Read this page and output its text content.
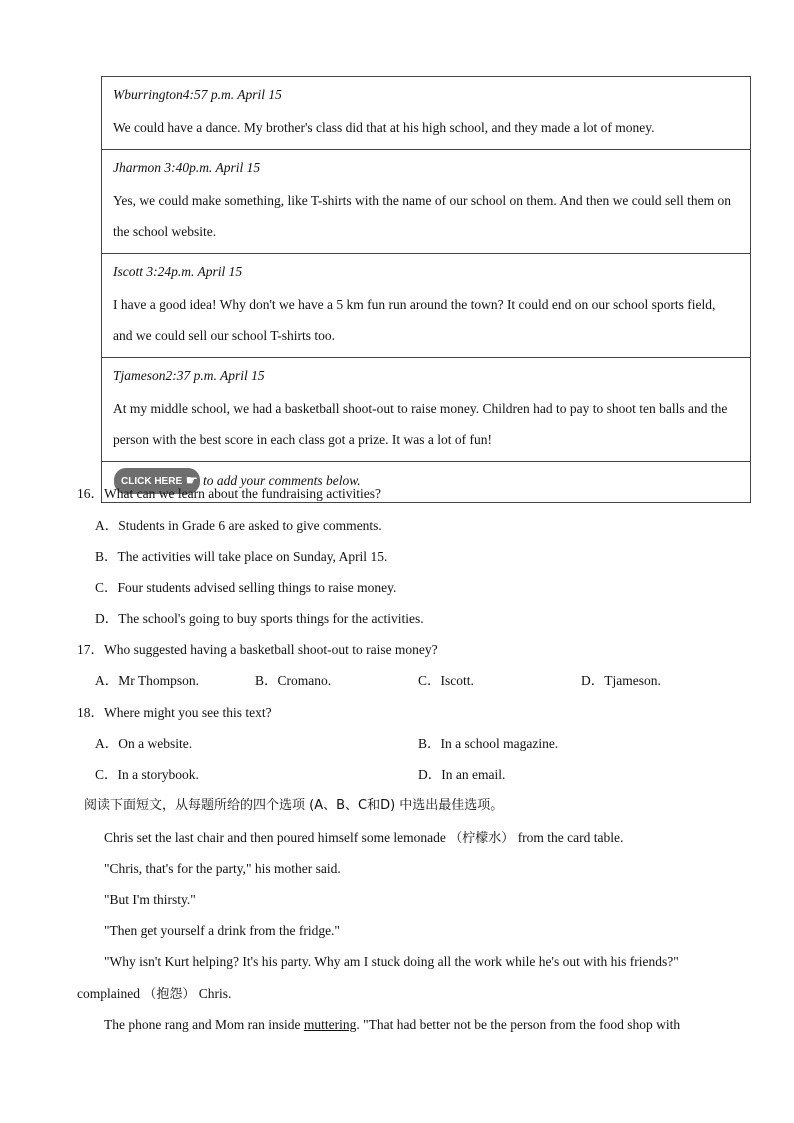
Wburrington4:57 p.m. April 15
We could have a dance. My brother's class did that at his high school, and they made a lot of money.
Jharmon 3:40p.m. April 15
Yes, we could make something, like T-shirts with the name of our school on them. And then we could sell them on the school website.
Iscott 3:24p.m. April 15
I have a good idea! Why don't we have a 5 km fun run around the town? It could end on our school sports field, and we could sell our school T-shirts too.
Tjameson2:37 p.m. April 15
At my middle school, we had a basketball shoot-out to raise money. Children had to pay to shoot ten balls and the person with the best score in each class got a prize. It was a lot of fun!
CLICK HERE ☛ to add your comments below.
16．What can we learn about the fundraising activities?
A．Students in Grade 6 are asked to give comments.
B．The activities will take place on Sunday, April 15.
C．Four students advised selling things to raise money.
D．The school's going to buy sports things for the activities.
17．Who suggested having a basketball shoot-out to raise money?
A．Mr Thompson.	B．Cromano.	C．Iscott.	D．Tjameson.
18．Where might you see this text?
A．On a website.	B．In a school magazine.
C．In a storybook.	D．In an email.
阅读下面短文，从每题所给的四个选项 (A、B、C和D) 中选出最佳选项。
Chris set the last chair and then poured himself some lemonade （柠檬水） from the card table.
"Chris, that's for the party," his mother said.
"But I'm thirsty."
"Then get yourself a drink from the fridge."
"Why isn't Kurt helping? It's his party. Why am I stuck doing all the work while he's out with his friends?"
complained （抱怨） Chris.
The phone rang and Mom ran inside muttering. "That had better not be the person from the food shop with
